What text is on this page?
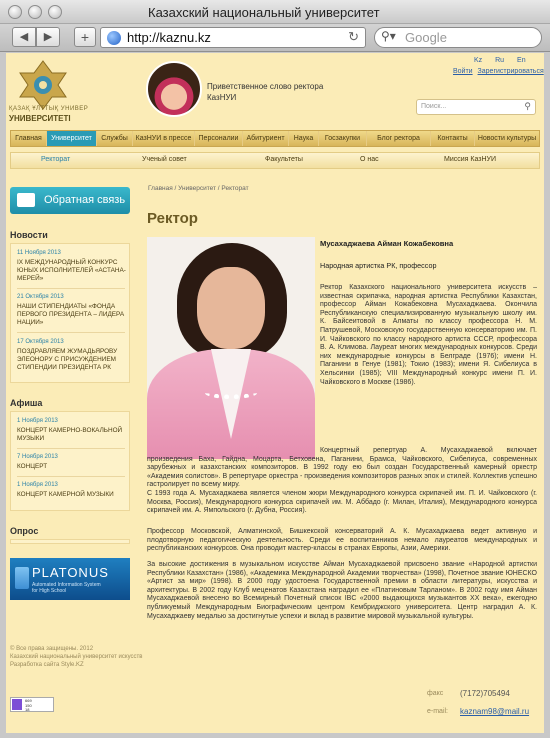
Казахский национальный университет
◀	▶	+	http://kaznu.kz	↻ ⚲▾ Google
ҚАЗАҚ ҰЛТТЫҚ УНИВЕР
УНИВЕРСИТЕТІ
Приветственное слово ректора
КазНУИ
Kz Ru En
Войти Зарегистрироваться
Поиск...	⚲
Главная	Университет	Службы	КазНУИ в прессе	Персоналии	Абитуриент	Наука	Госзакупки	Блог ректора	Контакты	Новости культуры
Ректорат	Ученый совет	Факультеты	О нас	Миссия КазНУИ
Обратная связь
Новости
11 Ноября 2013
IX МЕЖДУНАРОДНЫЙ КОНКУРС ЮНЫХ ИСПОЛНИТЕЛЕЙ «АСТАНА-МЕРЕЙ»
21 Октября 2013
НАШИ СТИПЕНДИАТЫ «ФОНДА ПЕРВОГО ПРЕЗИДЕНТА – ЛИДЕРА НАЦИИ»
17 Октября 2013
ПОЗДРАВЛЯЕМ ЖУМАДЬЯРОВУ ЭЛЕОНОРУ С ПРИСУЖДЕНИЕМ СТИПЕНДИИ ПРЕЗИДЕНТА РК
Афиша
1 Ноября 2013
КОНЦЕРТ КАМЕРНО-ВОКАЛЬНОЙ МУЗЫКИ
7 Ноября 2013
КОНЦЕРТ
1 Ноября 2013
КОНЦЕРТ КАМЕРНОЙ МУЗЫКИ
Опрос
PLATONUS
Automated Information System
for High School
Главная / Университет / Ректорат
Ректор
Мусахаджаева Айман Кожабековна
Народная артистка РК, профессор
Ректор Казахского национального университета искусств – известная скрипачка, народная артистка Республики Казахстан, профессор Айман Кожабековна Мусахаджаева. Окончила Республиканскую специализированную музыкальную школу им. К. Байсеитовой в Алматы по классу профессора Н. М. Патрушевой, Московскую государственную консерваторию им. П. И. Чайковского по классу народного артиста СССР, профессора В. А. Климова. Лауреат многих международных конкурсов. Среди них международные конкурсы в Белграде (1976); имени Н. Паганини в Генуе (1981); Токио (1983); имени Я. Сибелиуса в Хельсинки (1985); VIII Международный конкурс имени П. И. Чайковского в Москве (1986).
Концертный репертуар А. Мусахаджаевой включает произведения Баха, Гайдна, Моцарта, Бетховена, Паганини, Брамса, Чайковского, Сибелиуса, современных зарубежных и казахстанских композиторов. В 1992 году ею был создан Государственный камерный оркестр «Академия солистов». В репертуаре оркестра - произведения композиторов разных эпох и стилей. Коллектив успешно гастролирует по всему миру.
С 1993 года А. Мусахаджаева является членом жюри Международного конкурса скрипачей им. П. И. Чайковского (г. Москва, Россия), Международного конкурса скрипачей им. М. Аббадо (г. Милан, Италия), Международного конкурса скрипачей им. А. Ямпольского (г. Дубна, Россия).
Профессор Московской, Алматинской, Бишкекской консерваторий А. К. Мусахаджаева ведет активную и плодотворную педагогическую деятельность. Среди ее воспитанников немало лауреатов международных и республиканских конкурсов. Она проводит мастер-классы в странах Европы, Азии, Америки.
За высокие достижения в музыкальном искусстве Айман Мусахаджаевой присвоено звание «Народной артистки Республики Казахстан» (1986), «Академика Международной Академии творчества» (1998), Почетное звание ЮНЕСКО «Артист за мир» (1998). В 2000 году удостоена Государственной премии в области литературы, искусства и архитектуры. В 2002 году Клуб меценатов Казахстана наградил ее «Платиновым Тарланом». В 2002 году имя Айман Мусахаджаевой внесено во Всемирный Почетный список IBC «2000 выдающихся музыкантов XX века», ежегодно публикуемый Международным Биографическим центром Кембриджского университета. Центр наградил А. К. Мусахаджаеву медалью за достигнутые успехи и вклад в развитие мировой музыкальной культуры.
© Все права защищены. 2012
Казахский национальный университет искусств
Разработка сайта Style.KZ
669
150
18
факс (7172)705494
e-mail: kaznam98@mail.ru
